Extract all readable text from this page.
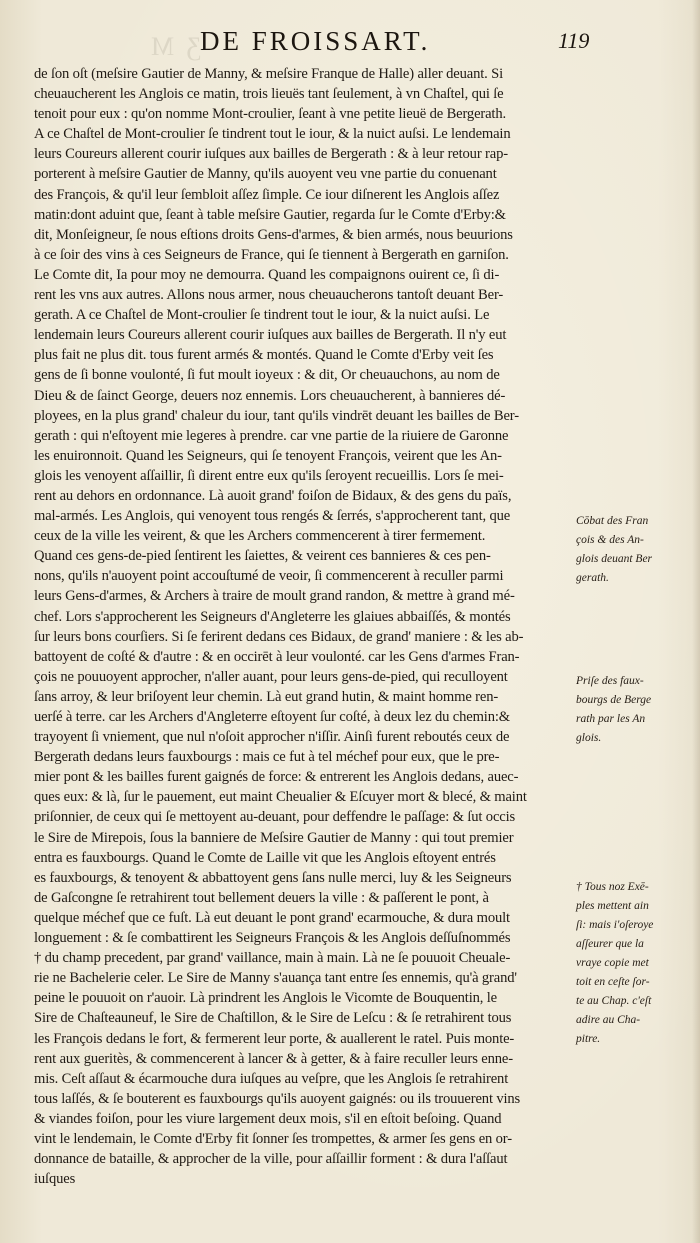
Ʒ M DE FROISSART.	119
de ſon oſt (meſsire Gautier de Manny, & meſsire Franque de Halle) aller deuant. Si
cheuaucherent les Anglois ce matin, trois lieuës tant ſeulement, à vn Chaſtel, qui ſe
tenoit pour eux : qu'on nomme Mont-croulier, ſeant à vne petite lieuë de Bergerath.
A ce Chaſtel de Mont-croulier ſe tindrent tout le iour, & la nuict auſsi. Le lendemain
leurs Coureurs allerent courir iuſques aux bailles de Bergerath : & à leur retour rap-
porterent à meſsire Gautier de Manny, qu'ils auoyent veu vne partie du conuenant
des François, & qu'il leur ſembloit aſſez ſimple. Ce iour diſnerent les Anglois aſſez
matin:dont aduint que, ſeant à table meſsire Gautier, regarda ſur le Comte d'Erby:&
dit, Monſeigneur, ſe nous eſtions droits Gens-d'armes, & bien armés, nous beuurions
à ce ſoir des vins à ces Seigneurs de France, qui ſe tiennent à Bergerath en garniſon.
Le Comte dit, Ia pour moy ne demourra. Quand les compaignons ouirent ce, ſi di-
rent les vns aux autres. Allons nous armer, nous cheuaucherons tantoſt deuant Ber-
gerath. A ce Chaſtel de Mont-croulier ſe tindrent tout le iour, & la nuict auſsi. Le
lendemain leurs Coureurs allerent courir iuſques aux bailles de Bergerath. Il n'y eut
plus fait ne plus dit. tous furent armés & montés. Quand le Comte d'Erby veit ſes
gens de ſi bonne voulonté, ſi fut moult ioyeux : & dit, Or cheuauchons, au nom de
Dieu & de ſainct George, deuers noz ennemis. Lors cheuaucherent, à bannieres dé-
ployees, en la plus grand' chaleur du iour, tant qu'ils vindrēt deuant les bailles de Ber-
gerath : qui n'eſtoyent mie legeres à prendre. car vne partie de la riuiere de Garonne
les enuironnoit. Quand les Seigneurs, qui ſe tenoyent François, veirent que les An-
glois les venoyent aſſaillir, ſi dirent entre eux qu'ils ſeroyent recueillis. Lors ſe mei-
rent au dehors en ordonnance. Là auoit grand' foiſon de Bidaux, & des gens du païs,
mal-armés. Les Anglois, qui venoyent tous rengés & ſerrés, s'approcherent tant, que
ceux de la ville les veirent, & que les Archers commencerent à tirer fermement.
Quand ces gens-de-pied ſentirent les ſaiettes, & veirent ces bannieres & ces pen-
nons, qu'ils n'auoyent point accouſtumé de veoir, ſi commencerent à reculler parmi
leurs Gens-d'armes, & Archers à traire de moult grand randon, & mettre à grand mé-
chef. Lors s'approcherent les Seigneurs d'Angleterre les glaiues abbaiſſés, & montés
ſur leurs bons courſiers. Si ſe ferirent dedans ces Bidaux, de grand' maniere : & les ab-
battoyent de coſté & d'autre : & en occirēt à leur voulonté. car les Gens d'armes Fran-
çois ne pouuoyent approcher, n'aller auant, pour leurs gens-de-pied, qui reculloyent
ſans arroy, & leur briſoyent leur chemin. Là eut grand hutin, & maint homme ren-
uerſé à terre. car les Archers d'Angleterre eſtoyent ſur coſté, à deux lez du chemin:&
trayoyent ſi vniement, que nul n'oſoit approcher n'iſſir. Ainſi furent reboutés ceux de
Bergerath dedans leurs fauxbourgs : mais ce fut à tel méchef pour eux, que le pre-
mier pont & les bailles furent gaignés de force: & entrerent les Anglois dedans, auec-
ques eux: & là, ſur le pauement, eut maint Cheualier & Eſcuyer mort & blecé, & maint
priſonnier, de ceux qui ſe mettoyent au-deuant, pour deffendre le paſſage: & ſut occis
le Sire de Mirepois, ſous la banniere de Meſsire Gautier de Manny : qui tout premier
entra es fauxbourgs. Quand le Comte de Laille vit que les Anglois eſtoyent entrés
es fauxbourgs, & tenoyent & abbattoyent gens ſans nulle merci, luy & les Seigneurs
de Gaſcongne ſe retrahirent tout bellement deuers la ville : & paſſerent le pont, à
quelque méchef que ce fuſt. Là eut deuant le pont grand' ecarmouche, & dura moult
longuement : & ſe combattirent les Seigneurs François & les Anglois deſſuſnommés
† du champ precedent, par grand' vaillance, main à main. Là ne ſe pouuoit Cheuale-
rie ne Bachelerie celer. Le Sire de Manny s'auança tant entre ſes ennemis, qu'à grand'
peine le pouuoit on r'auoir. Là prindrent les Anglois le Vicomte de Bouquentin, le
Sire de Chaſteauneuf, le Sire de Chaſtillon, & le Sire de Leſcu : & ſe retrahirent tous
les François dedans le fort, & fermerent leur porte, & auallerent le ratel. Puis monte-
rent aux gueritès, & commencerent à lancer & à getter, & à faire reculler leurs enne-
mis. Ceſt aſſaut & écarmouche dura iuſques au veſpre, que les Anglois ſe retrahirent
tous laſſés, & ſe bouterent es fauxbourgs qu'ils auoyent gaignés: ou ils trouuerent vins
& viandes foiſon, pour les viure largement deux mois, s'il en eſtoit beſoing. Quand
vint le lendemain, le Comte d'Erby fit ſonner ſes trompettes, & armer ſes gens en or-
donnance de bataille, & approcher de la ville, pour aſſaillir forment : & dura l'aſſaut
iuſques
Cōbat des Fran
çois & des An-
glois deuant Ber
gerath.
Priſe des faux-
bourgs de Berge
rath par les An
glois.
† Tous noz Exē-
ples mettent ain
ſi: mais i'oſeroye
aſſeurer que la
vraye copie met
toit en ceſte ſor-
te au Chap. c'eſt
adire au Cha-
pitre.
